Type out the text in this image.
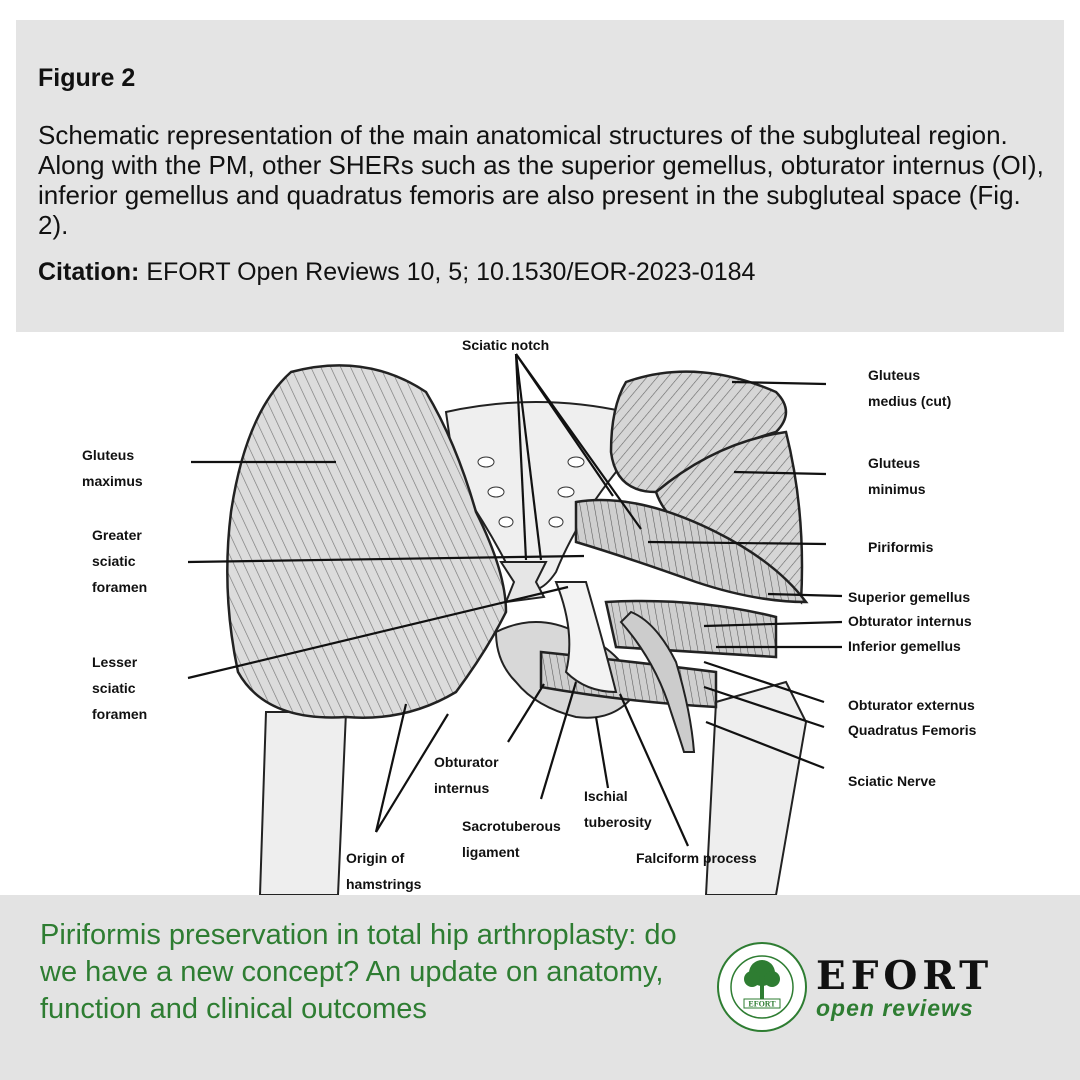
Figure 2
Schematic representation of the main anatomical structures of the subgluteal region. Along with the PM, other SHERs such as the superior gemellus, obturator internus (OI), inferior gemellus and quadratus femoris are also present in the subgluteal space (Fig. 2).
Citation: EFORT Open Reviews 10, 5; 10.1530/EOR-2023-0184
Sciatic notch
Gluteus
maximus
Greater
sciatic
foramen
Lesser
sciatic
foramen
Gluteus
medius (cut)
Gluteus
minimus
Piriformis
Superior gemellus
Obturator internus
Inferior gemellus
Obturator externus
Quadratus Femoris
Sciatic Nerve
Obturator
internus	Ischial
tuberosity
Sacrotuberous
ligament	Falciform process
Origin of
hamstrings
Piriformis preservation in total hip arthroplasty: do we have a new concept? An update on anatomy, function and clinical outcomes	EFORT
EFORT
open reviews
